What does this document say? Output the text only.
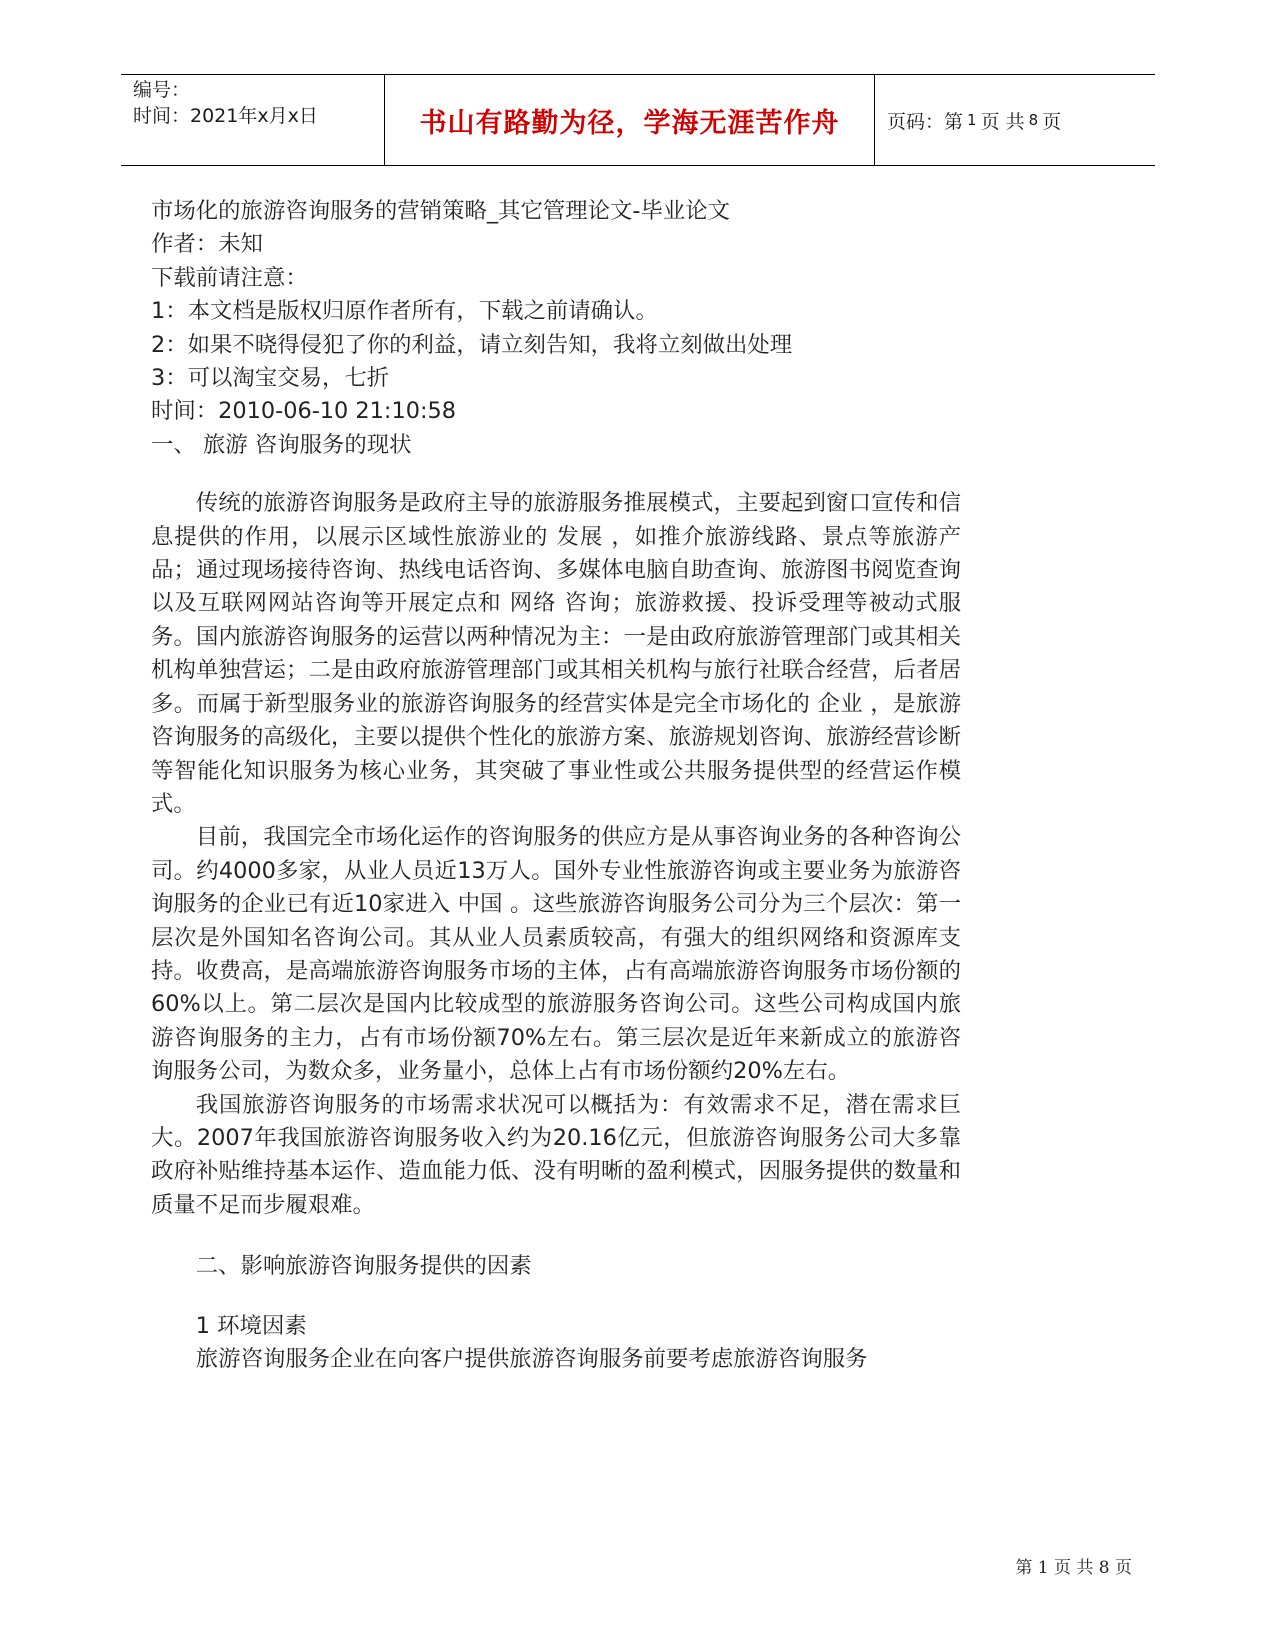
编号：
时间：2021年x月x日	书山有路勤为径，学海无涯苦作舟	页码：第 1 页 共 8 页
市场化的旅游咨询服务的营销策略_其它管理论文-毕业论文
作者：未知
下载前请注意：
1：本文档是版权归原作者所有，下载之前请确认。
2：如果不晓得侵犯了你的利益，请立刻告知，我将立刻做出处理
3：可以淘宝交易，七折
时间：2010-06-10 21:10:58
一、 旅游 咨询服务的现状

传统的旅游咨询服务是政府主导的旅游服务推展模式，主要起到窗口宣传和信息提供的作用，以展示区域性旅游业的 发展 ，如推介旅游线路、景点等旅游产品；通过现场接待咨询、热线电话咨询、多媒体电脑自助查询、旅游图书阅览查询以及互联网网站咨询等开展定点和 网络 咨询；旅游救援、投诉受理等被动式服务。国内旅游咨询服务的运营以两种情况为主：一是由政府旅游管理部门或其相关机构单独营运；二是由政府旅游管理部门或其相关机构与旅行社联合经营，后者居多。而属于新型服务业的旅游咨询服务的经营实体是完全市场化的 企业 ，是旅游咨询服务的高级化，主要以提供个性化的旅游方案、旅游规划咨询、旅游经营诊断等智能化知识服务为核心业务，其突破了事业性或公共服务提供型的经营运作模式。

目前，我国完全市场化运作的咨询服务的供应方是从事咨询业务的各种咨询公司。约4000多家，从业人员近13万人。国外专业性旅游咨询或主要业务为旅游咨询服务的企业已有近10家进入 中国 。这些旅游咨询服务公司分为三个层次：第一层次是外国知名咨询公司。其从业人员素质较高，有强大的组织网络和资源库支持。收费高，是高端旅游咨询服务市场的主体，占有高端旅游咨询服务市场份额的60%以上。第二层次是国内比较成型的旅游服务咨询公司。这些公司构成国内旅游咨询服务的主力，占有市场份额70%左右。第三层次是近年来新成立的旅游咨询服务公司，为数众多，业务量小，总体上占有市场份额约20%左右。

我国旅游咨询服务的市场需求状况可以概括为：有效需求不足，潜在需求巨大。2007年我国旅游咨询服务收入约为20.16亿元，但旅游咨询服务公司大多靠政府补贴维持基本运作、造血能力低、没有明晰的盈利模式，因服务提供的数量和质量不足而步履艰难。

二、影响旅游咨询服务提供的因素
1 环境因素

旅游咨询服务企业在向客户提供旅游咨询服务前要考虑旅游咨询服务

第 1 页 共 8 页
